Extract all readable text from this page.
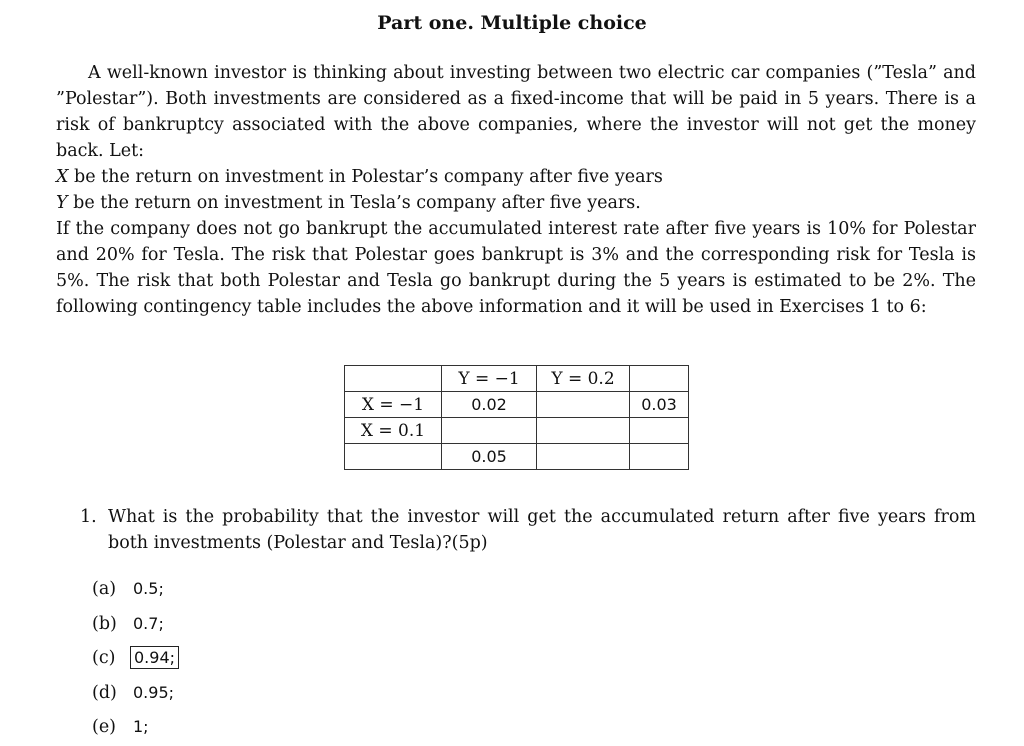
Part one. Multiple choice
A well-known investor is thinking about investing between two electric car companies (”Tesla” and ”Polestar”). Both investments are considered as a fixed-income that will be paid in 5 years. There is a risk of bankruptcy associated with the above companies, where the investor will not get the money back. Let:
X be the return on investment in Polestar’s company after five years
Y be the return on investment in Tesla’s company after five years.
If the company does not go bankrupt the accumulated interest rate after five years is 10% for Polestar and 20% for Tesla. The risk that Polestar goes bankrupt is 3% and the corresponding risk for Tesla is 5%. The risk that both Polestar and Tesla go bankrupt during the 5 years is estimated to be 2%. The following contingency table includes the above information and it will be used in Exercises 1 to 6:
	Y = −1	Y = 0.2	
X = −1	0.02		0.03
X = 0.1			
	0.05		
1. What is the probability that the investor will get the accumulated return after five years from both investments (Polestar and Tesla)?(5p)
(a) 0.5;
(b) 0.7;
(c) 0.94;
(d) 0.95;
(e) 1;
